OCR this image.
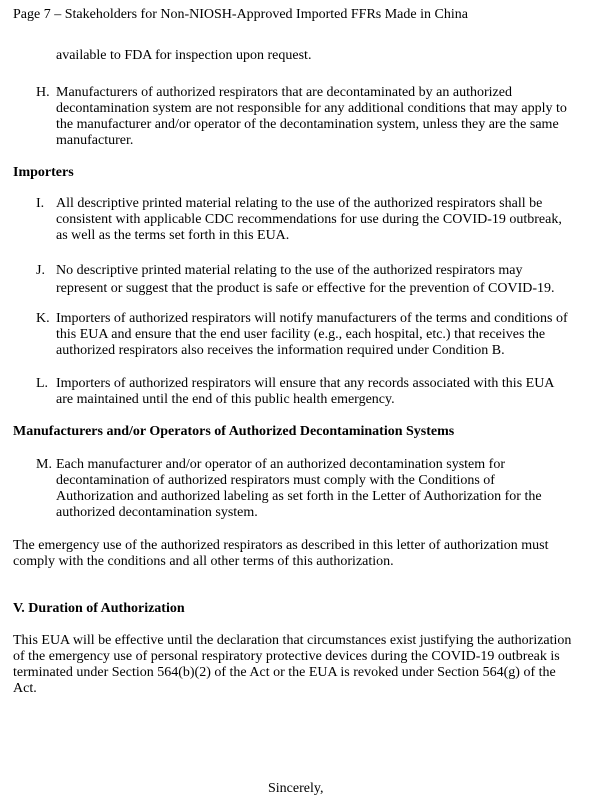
Page 7 – Stakeholders for Non-NIOSH-Approved Imported FFRs Made in China
available to FDA for inspection upon request.
H. Manufacturers of authorized respirators that are decontaminated by an authorized decontamination system are not responsible for any additional conditions that may apply to the manufacturer and/or operator of the decontamination system, unless they are the same manufacturer.
Importers
I. All descriptive printed material relating to the use of the authorized respirators shall be consistent with applicable CDC recommendations for use during the COVID-19 outbreak, as well as the terms set forth in this EUA.
J. No descriptive printed material relating to the use of the authorized respirators may represent or suggest that the product is safe or effective for the prevention of COVID-19.
K. Importers of authorized respirators will notify manufacturers of the terms and conditions of this EUA and ensure that the end user facility (e.g., each hospital, etc.) that receives the authorized respirators also receives the information required under Condition B.
L. Importers of authorized respirators will ensure that any records associated with this EUA are maintained until the end of this public health emergency.
Manufacturers and/or Operators of Authorized Decontamination Systems
M. Each manufacturer and/or operator of an authorized decontamination system for decontamination of authorized respirators must comply with the Conditions of Authorization and authorized labeling as set forth in the Letter of Authorization for the authorized decontamination system.
The emergency use of the authorized respirators as described in this letter of authorization must comply with the conditions and all other terms of this authorization.
V. Duration of Authorization
This EUA will be effective until the declaration that circumstances exist justifying the authorization of the emergency use of personal respiratory protective devices during the COVID-19 outbreak is terminated under Section 564(b)(2) of the Act or the EUA is revoked under Section 564(g) of the Act.
Sincerely,
